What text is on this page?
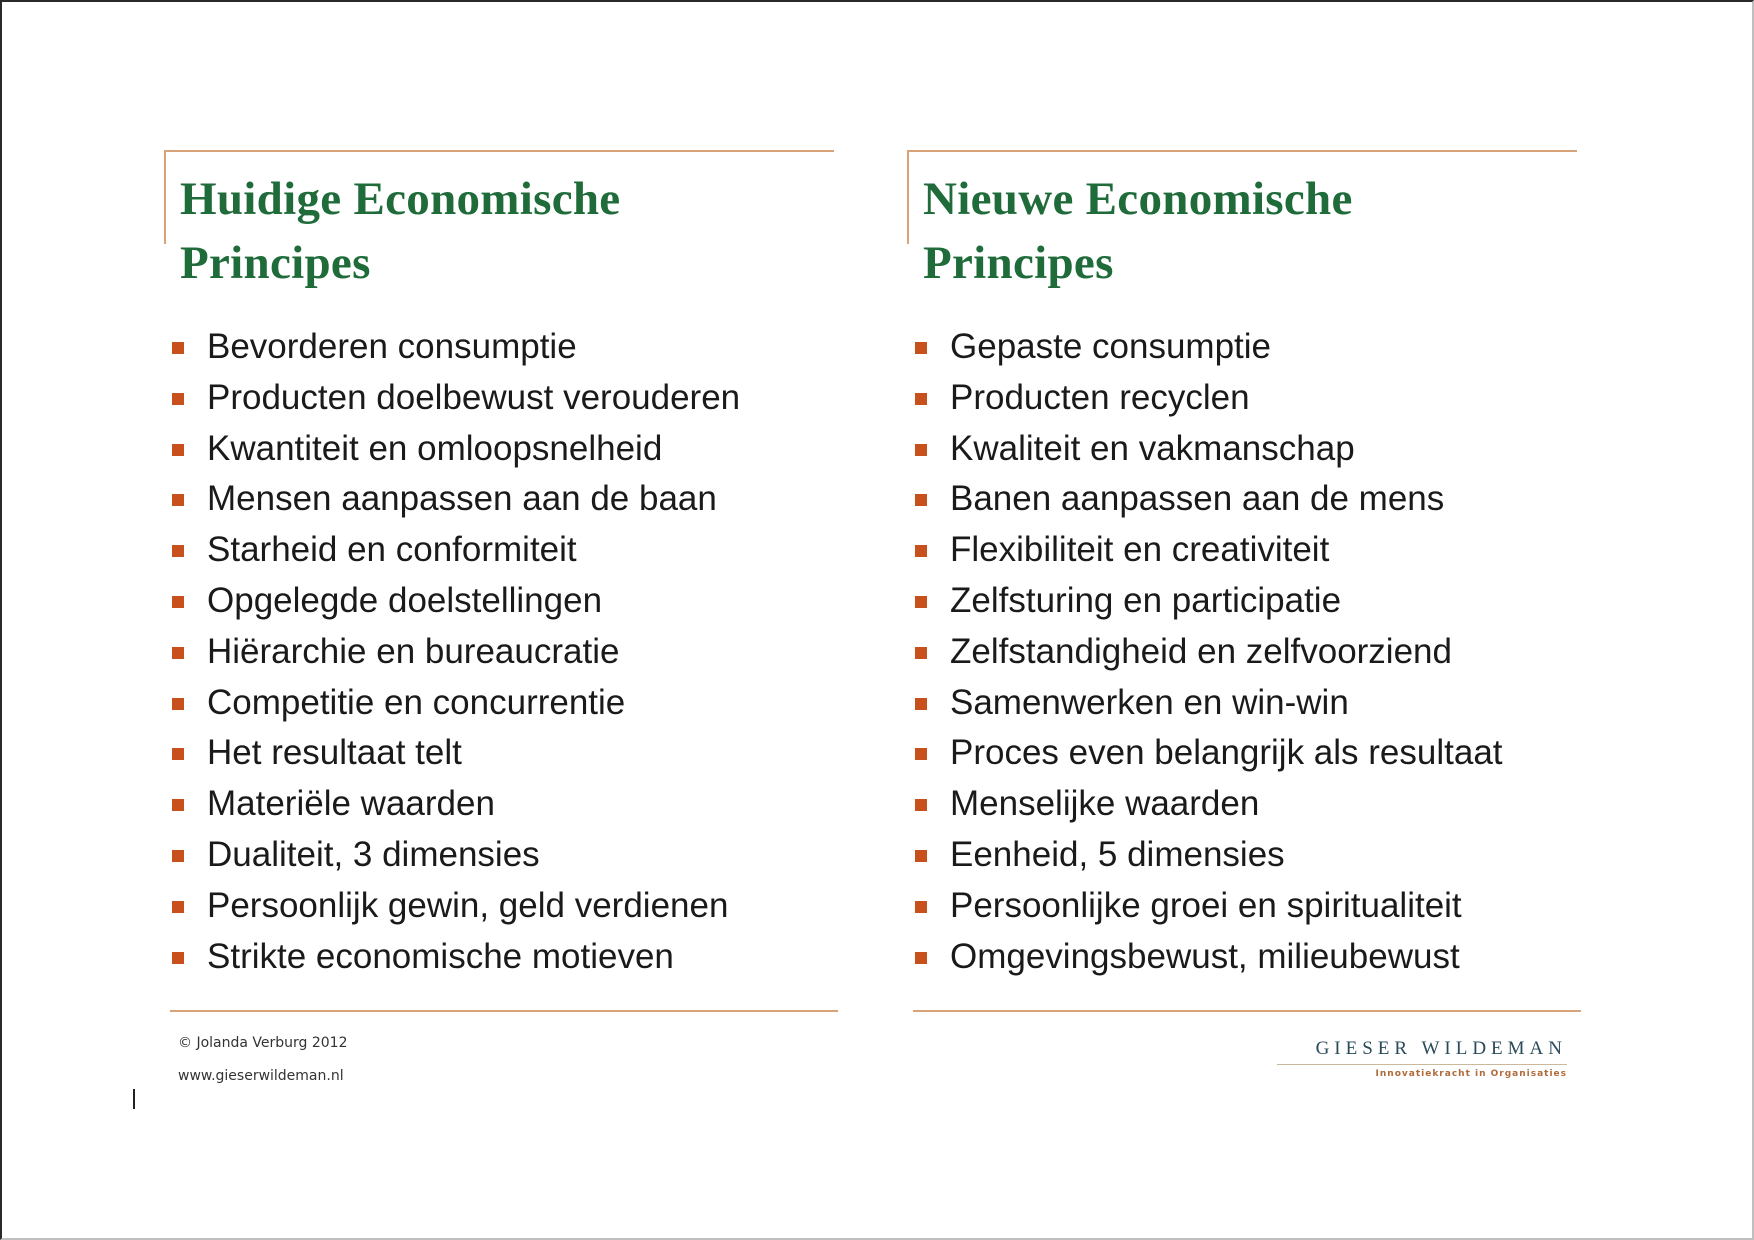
Huidige Economische
Principes
Bevorderen consumptie
Producten doelbewust verouderen
Kwantiteit en omloopsnelheid
Mensen aanpassen aan de baan
Starheid en conformiteit
Opgelegde doelstellingen
Hiërarchie en bureaucratie
Competitie en concurrentie
Het resultaat telt
Materiële waarden
Dualiteit, 3 dimensies
Persoonlijk gewin, geld verdienen
Strikte economische motieven
Nieuwe Economische
Principes
Gepaste consumptie
Producten recyclen
Kwaliteit en vakmanschap
Banen aanpassen aan de mens
Flexibiliteit en creativiteit
Zelfsturing en participatie
Zelfstandigheid en zelfvoorziend
Samenwerken en win-win
Proces even belangrijk als resultaat
Menselijke waarden
Eenheid, 5 dimensies
Persoonlijke groei en spiritualiteit
Omgevingsbewust, milieubewust
© Jolanda Verburg 2012
www.gieserwildeman.nl
GIESER WILDEMAN
Innovatiekracht in Organisaties
